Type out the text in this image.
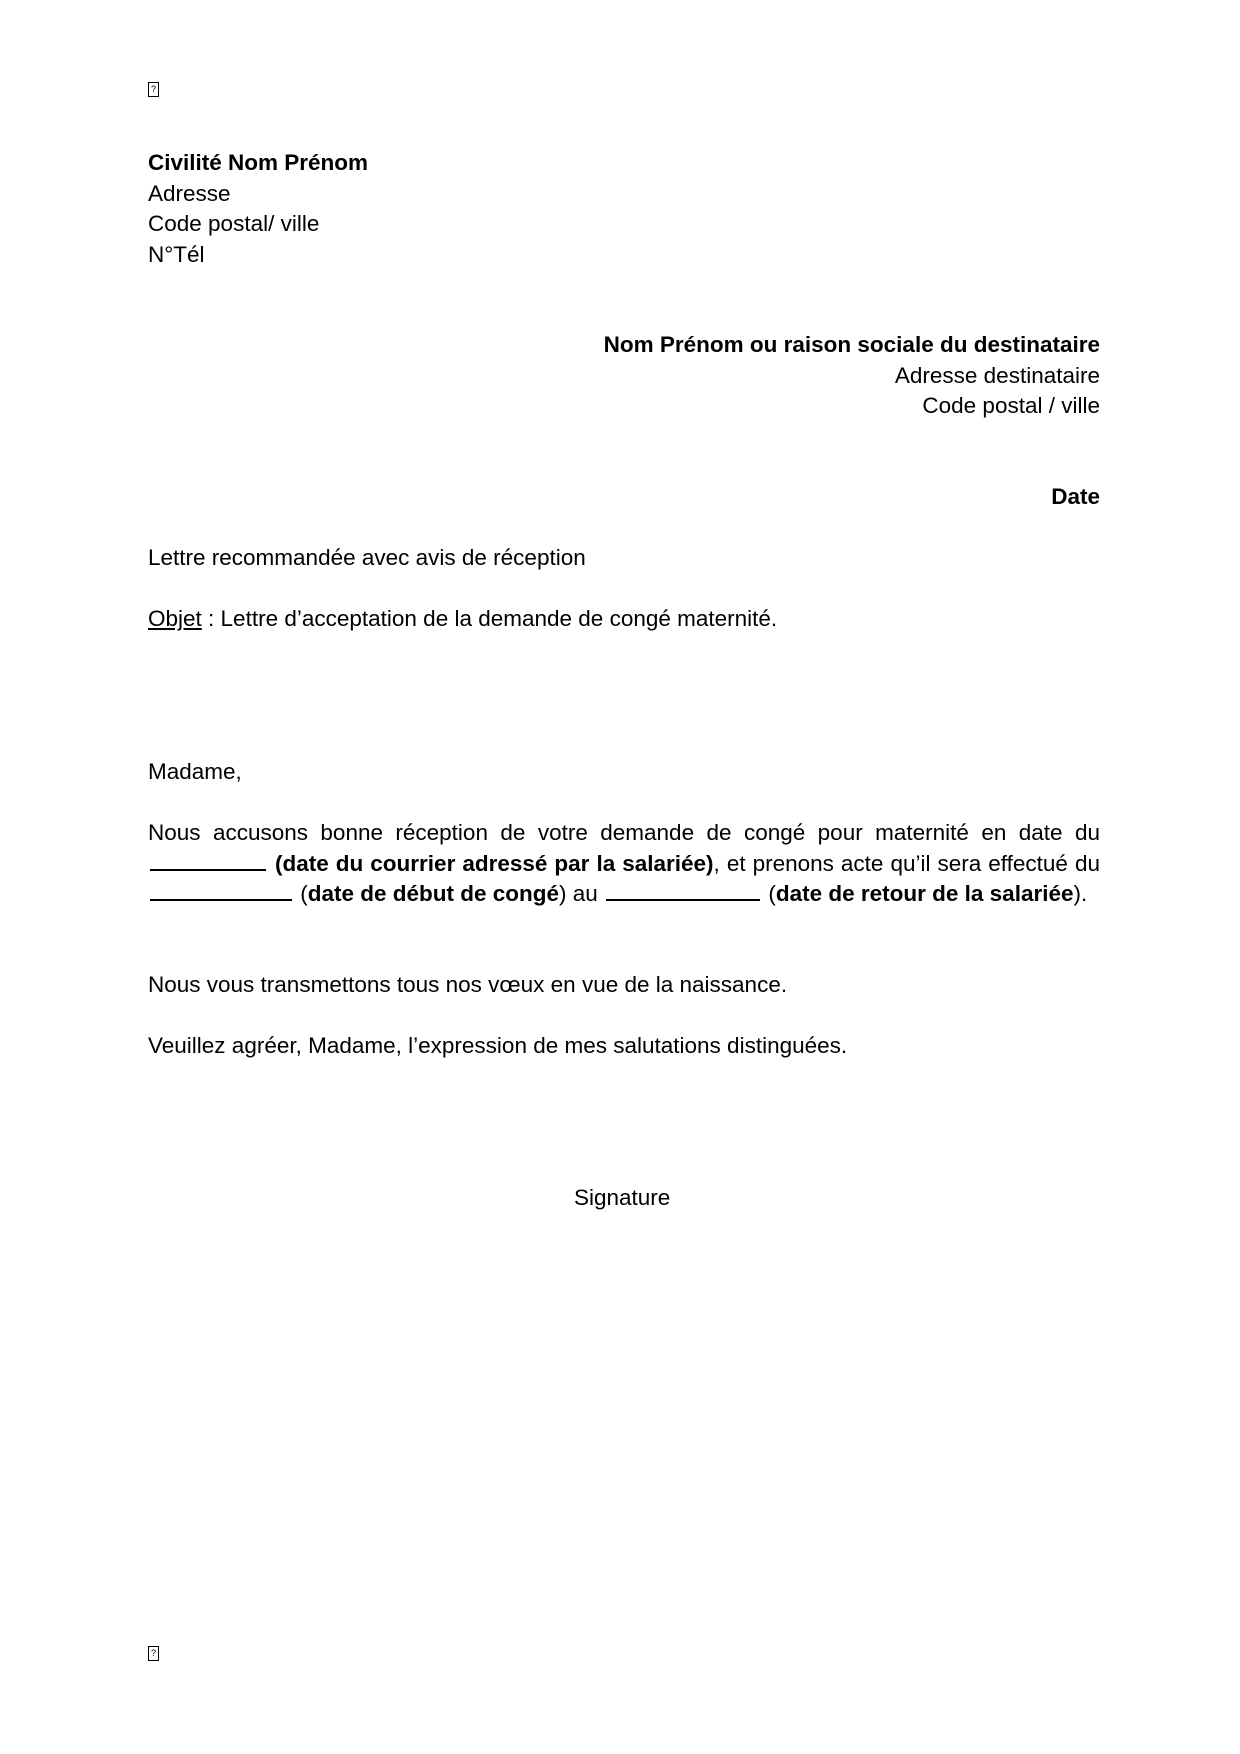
?
Civilité Nom Prénom
Adresse
Code postal/ ville
N°Tél
Nom Prénom ou raison sociale du destinataire
Adresse destinataire
Code postal / ville
Date
Lettre recommandée avec avis de réception
Objet : Lettre d’acceptation de la demande de congé maternité.
Madame,
Nous accusons bonne réception de votre demande de congé pour maternité en date du  (date du courrier adressé par la salariée), et prenons acte qu’il sera effectué du  (date de début de congé) au	(date de retour de la salariée).
Nous vous transmettons tous nos vœux en vue de la naissance.
Veuillez agréer, Madame, l’expression de mes salutations distinguées.
Signature
?
